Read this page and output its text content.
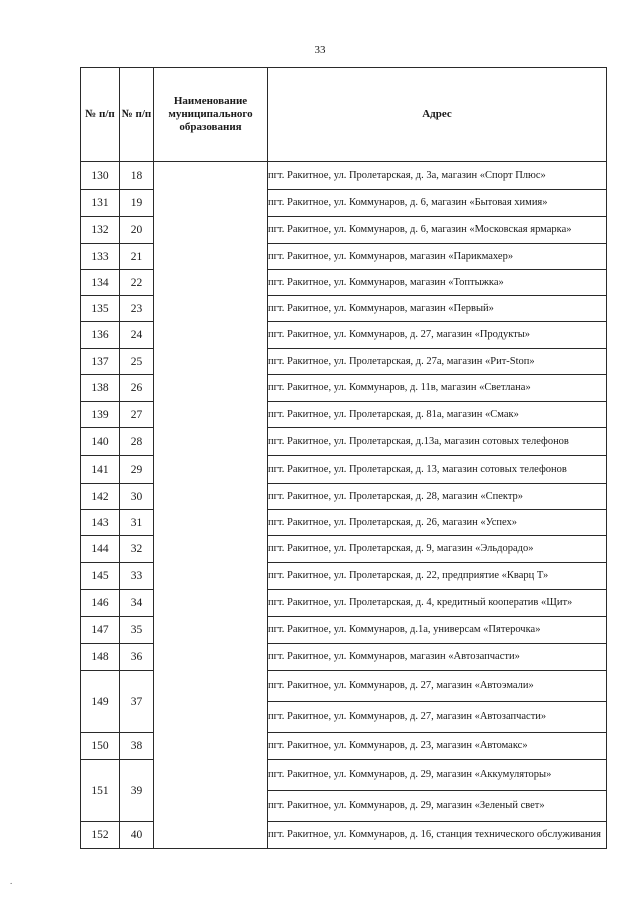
33
№ п/п	№ п/п	Наименование муниципального образования	Адрес
130	18		пгт. Ракитное, ул. Пролетарская, д. 3а, магазин «Спорт Плюс»
131	19		пгт. Ракитное, ул. Коммунаров, д. 6, магазин «Бытовая химия»
132	20		пгт. Ракитное, ул. Коммунаров, д. 6, магазин «Московская ярмарка»
133	21		пгт. Ракитное, ул. Коммунаров, магазин «Парикмахер»
134	22		пгт. Ракитное, ул. Коммунаров, магазин «Топтыжка»
135	23		пгт. Ракитное, ул. Коммунаров, магазин «Первый»
136	24		пгт. Ракитное, ул. Коммунаров, д. 27, магазин «Продукты»
137	25		пгт. Ракитное, ул. Пролетарская, д. 27а, магазин «Рит-Stoп»
138	26		пгт. Ракитное, ул. Коммунаров, д. 11в, магазин «Светлана»
139	27		пгт. Ракитное, ул. Пролетарская, д. 81а, магазин «Смак»
140	28		пгт. Ракитное, ул. Пролетарская, д.13а, магазин сотовых телефонов
141	29		пгт. Ракитное, ул. Пролетарская, д. 13, магазин сотовых телефонов
142	30		пгт. Ракитное, ул. Пролетарская, д. 28, магазин «Спектр»
143	31		пгт. Ракитное, ул. Пролетарская, д. 26, магазин «Успех»
144	32		пгт. Ракитное, ул. Пролетарская, д. 9, магазин «Эльдорадо»
145	33		пгт. Ракитное, ул. Пролетарская, д. 22, предприятие «Кварц Т»
146	34		пгт. Ракитное, ул. Пролетарская, д. 4, кредитный кооператив «Щит»
147	35		пгт. Ракитное, ул. Коммунаров, д.1а, универсам «Пятерочка»
148	36		пгт. Ракитное, ул. Коммунаров, магазин «Автозапчасти»
149	37		пгт. Ракитное, ул. Коммунаров, д. 27, магазин «Автоэмали»
			пгт. Ракитное, ул. Коммунаров, д. 27, магазин «Автозапчасти»
150	38		пгт. Ракитное, ул. Коммунаров, д. 23, магазин «Автомакс»
151	39		пгт. Ракитное, ул. Коммунаров, д. 29, магазин «Аккумуляторы»
			пгт. Ракитное, ул. Коммунаров, д. 29, магазин «Зеленый свет»
152	40		пгт. Ракитное, ул. Коммунаров, д. 16, станция технического обслуживания
.
